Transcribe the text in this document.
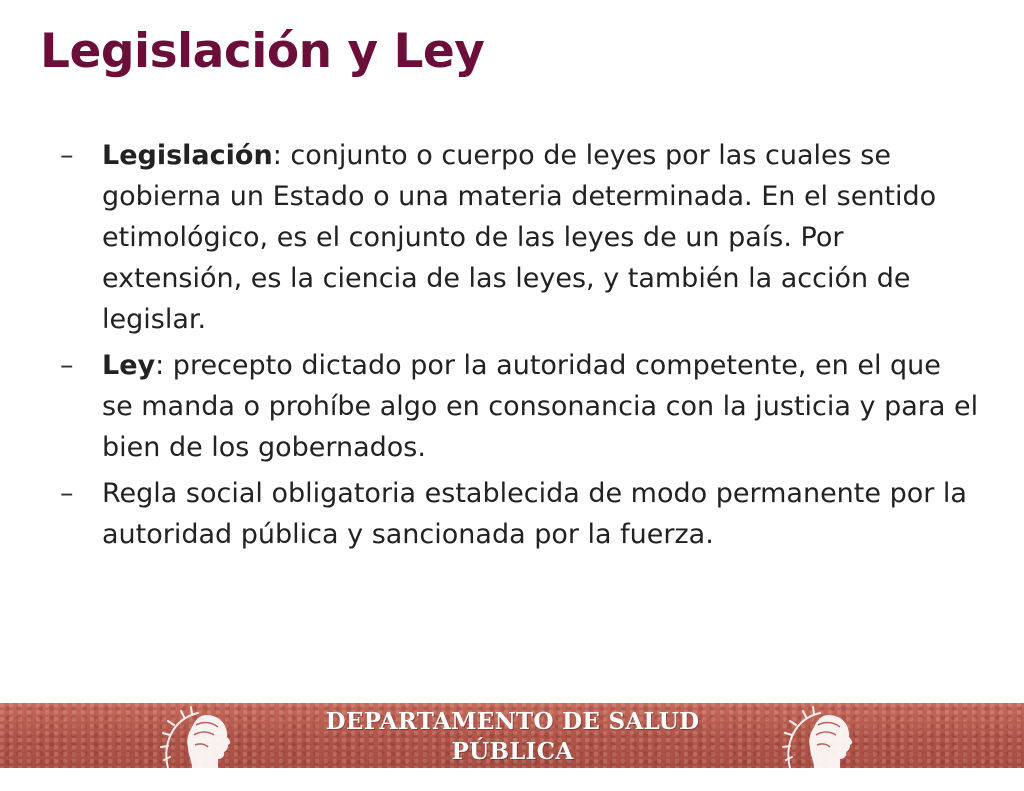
Legislación y Ley
– Legislación: conjunto o cuerpo de leyes por las cuales se gobierna un Estado o una materia determinada. En el sentido etimológico, es el conjunto de las leyes de un país. Por extensión, es la ciencia de las leyes, y también la acción de legislar.
– Ley: precepto dictado por la autoridad competente, en el que se manda o prohíbe algo en consonancia con la justicia y para el bien de los gobernados.
– Regla social obligatoria establecida de modo permanente por la autoridad pública y sancionada por la fuerza.
DEPARTAMENTO DE SALUD PÚBLICA
Facultad de Medicina | Universidad de Buenos Aires
